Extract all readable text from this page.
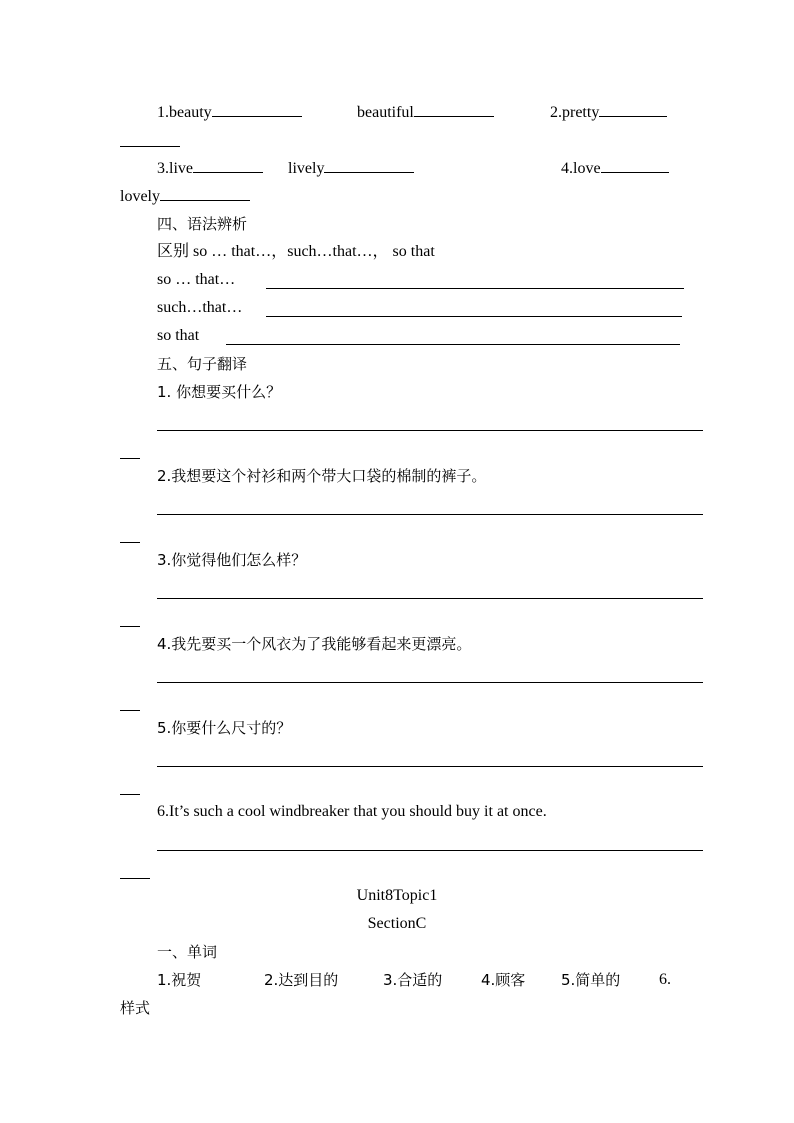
1.beauty	beautiful	2.pretty
3.live	lively	4.love
lovely
四、语法辨析
区别 so … that…，such…that…， so that
so … that…
such…that…
so that
五、句子翻译
1. 你想要买什么？
2.我想要这个衬衫和两个带大口袋的棉制的裤子。
3.你觉得他们怎么样？
4.我先要买一个风衣为了我能够看起来更漂亮。
5.你要什么尺寸的？
6.It’s such a cool windbreaker that you should buy it at once.
Unit8Topic1
SectionC
一、单词
1.祝贺	2.达到目的	3.合适的	4.顾客 5.简单的 6.
样式
